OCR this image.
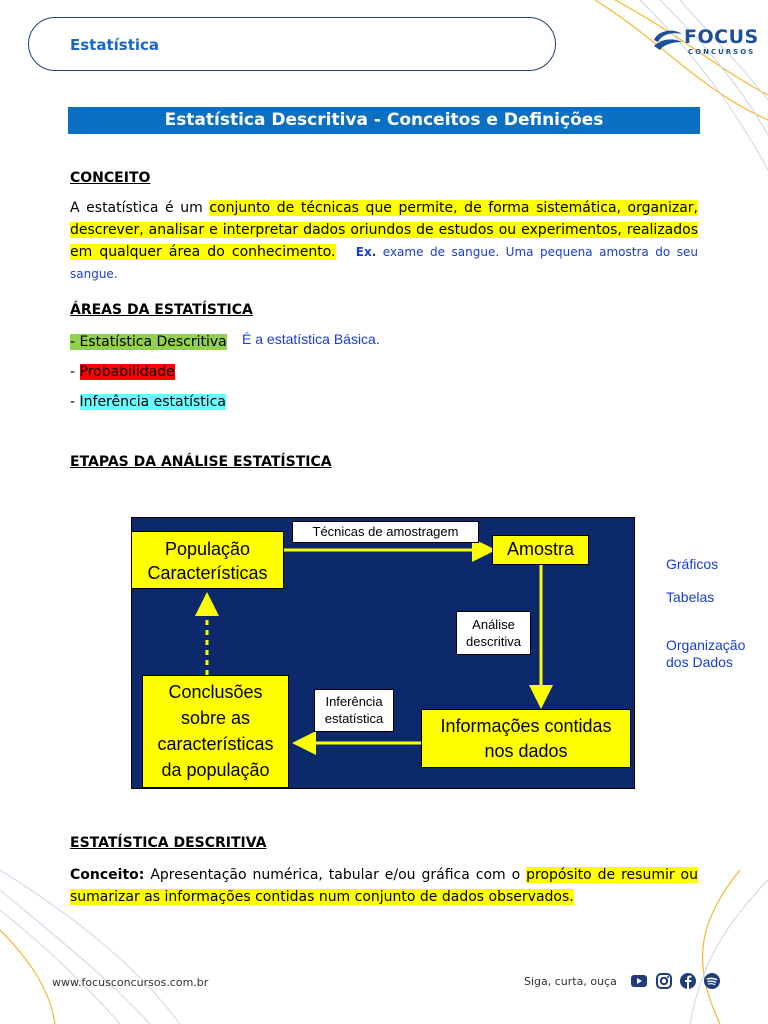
Estatística	FOCUS
CONCURSOS
Estatística Descritiva - Conceitos e Definições
CONCEITO
A estatística é um conjunto de técnicas que permite, de forma sistemática, organizar, descrever, analisar e interpretar dados oriundos de estudos ou experimentos, realizados em qualquer área do conhecimento. Ex. exame de sangue. Uma pequena amostra do seu sangue.
ÁREAS DA ESTATÍSTICA
- Estatística Descritiva É a estatística Básica.
- Probabilidade
- Inferência estatística
ETAPAS DA ANÁLISE ESTATÍSTICA
População
Características
Técnicas de amostragem
Amostra
Análise
descritiva
Conclusões
sobre as
características
da população
Inferência
estatística	Informações contidas
nos dados
Gráficos
Tabelas
Organização
dos Dados
ESTATÍSTICA DESCRITIVA
Conceito: Apresentação numérica, tabular e/ou gráfica com o propósito de resumir ou sumarizar as informações contidas num conjunto de dados observados.
www.focusconcursos.com.br	Siga, curta, ouça
